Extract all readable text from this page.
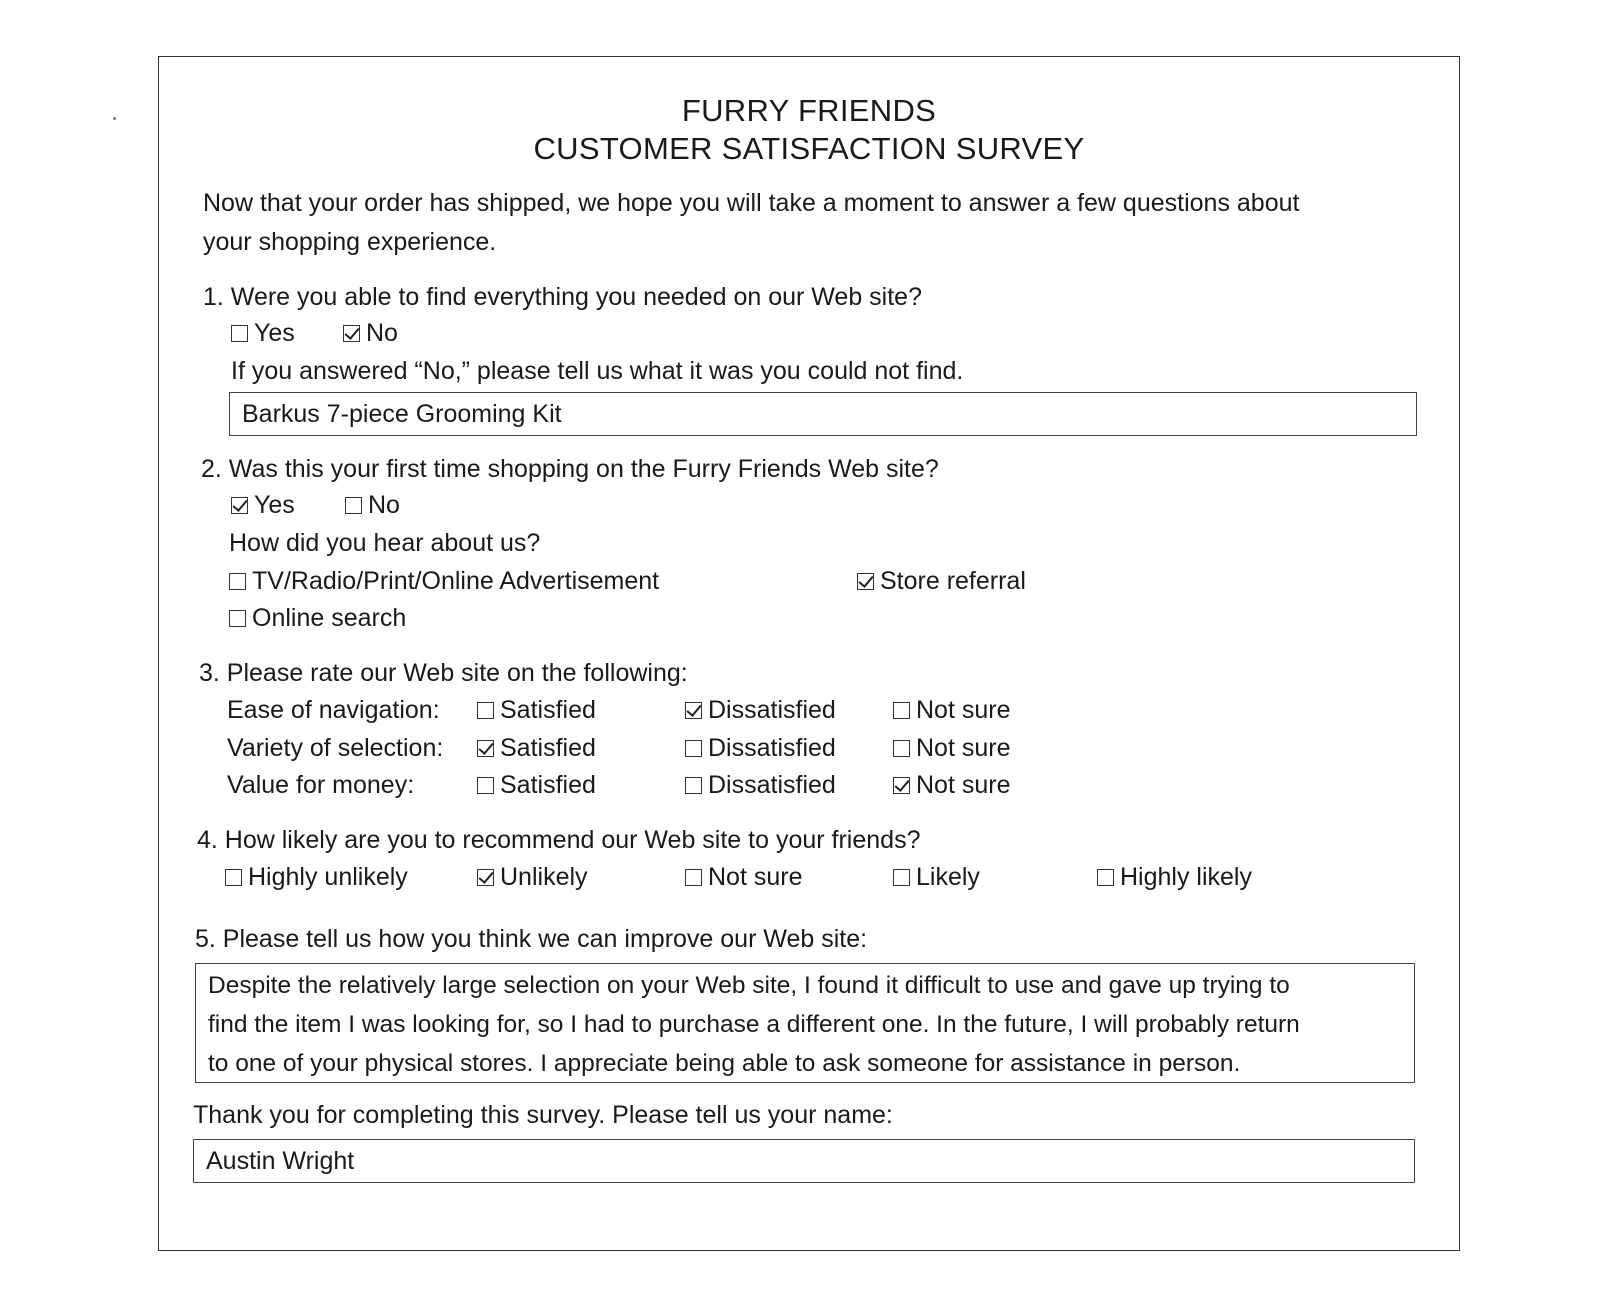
FURRY FRIENDS
CUSTOMER SATISFACTION SURVEY
Now that your order has shipped, we hope you will take a moment to answer a few questions about
your shopping experience.
1. Were you able to find everything you needed on our Web site?
Yes	No
If you answered “No,” please tell us what it was you could not find.
Barkus 7-piece Grooming Kit
2. Was this your first time shopping on the Furry Friends Web site?
Yes	No
How did you hear about us?
TV/Radio/Print/Online Advertisement	Store referral
Online search
3. Please rate our Web site on the following:
Ease of navigation: Satisfied	Dissatisfied	Not sure
Variety of selection: Satisfied	Dissatisfied	Not sure
Value for money:	Satisfied	Dissatisfied	Not sure
4. How likely are you to recommend our Web site to your friends?
Highly unlikely	Unlikely	Not sure	Likely	Highly likely
5. Please tell us how you think we can improve our Web site:

Despite the relatively large selection on your Web site, I found it difficult to use and gave up trying to

find the item I was looking for, so I had to purchase a different one. In the future, I will probably return

to one of your physical stores. I appreciate being able to ask someone for assistance in person.

Thank you for completing this survey. Please tell us your name:
Austin Wright
